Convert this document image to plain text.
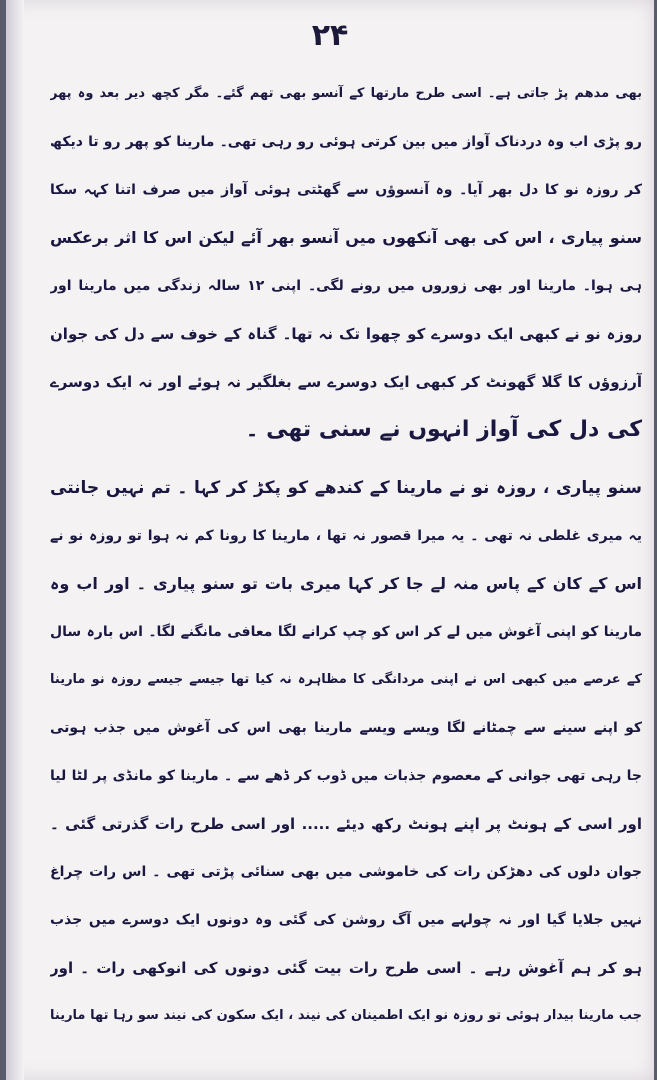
۲۴
بھی مدھم پڑ جاتی ہے۔ اسی طرح مارتھا کے آنسو بھی تھم گئے۔ مگر کچھ دیر بعد وہ پھر
رو پڑی اب وہ دردناک آواز میں بین کرتی ہوئی رو رہی تھی۔ مارینا کو پھر رو تا دیکھ
کر روزہ نو کا دل بھر آیا۔ وہ آنسوؤں سے گھٹتی ہوئی آواز میں صرف اتنا کہہ سکا
سنو پیاری ، اس کی بھی آنکھوں میں آنسو بھر آئے لیکن اس کا اثر برعکس
ہی ہوا۔ مارینا اور بھی زوروں میں رونے لگی۔ اپنی ۱۲ سالہ زندگی میں مارینا اور
روزہ نو نے کبھی ایک دوسرے کو چھوا تک نہ تھا۔ گناہ کے خوف سے دل کی جوان
آرزوؤں کا گلا گھونٹ کر کبھی ایک دوسرے سے بغلگیر نہ ہوئے اور نہ ایک دوسرے
کی دل کی آواز انہوں نے سنی تھی ۔
سنو پیاری ، روزہ نو نے مارینا کے کندھے کو پکڑ کر کہا ۔ تم نہیں جانتی
یہ میری غلطی نہ تھی ۔ یہ میرا قصور نہ تھا ، مارینا کا رونا کم نہ ہوا تو روزہ نو نے
اس کے کان کے پاس منہ لے جا کر کہا میری بات تو سنو پیاری ۔ اور اب وہ
مارینا کو اپنی آغوش میں لے کر اس کو چپ کرانے لگا معافی مانگنے لگا۔ اس بارہ سال
کے عرصے میں کبھی اس نے اپنی مردانگی کا مظاہرہ نہ کیا تھا جیسے جیسے روزہ نو مارینا
کو اپنے سینے سے چمٹانے لگا ویسے ویسے مارینا بھی اس کی آغوش میں جذب ہوتی
جا رہی تھی جوانی کے معصوم جذبات میں ڈوب کر ڈھے سے ۔ مارینا کو مانڈی پر لٹا لیا
اور اسی کے ہونٹ پر اپنے ہونٹ رکھ دیئے ..... اور اسی طرح رات گذرتی گئی ۔
جوان دلوں کی دھڑکن رات کی خاموشی میں بھی سنائی پڑتی تھی ۔ اس رات چراغ
نہیں جلایا گیا اور نہ چولہے میں آگ روشن کی گئی وہ دونوں ایک دوسرے میں جذب
ہو کر ہم آغوش رہے ۔ اسی طرح رات بیت گئی دونوں کی انوکھی رات ۔ اور
جب مارینا بیدار ہوئی تو روزہ نو ایک اطمینان کی نیند ، ایک سکون کی نیند سو رہا تھا مارینا
